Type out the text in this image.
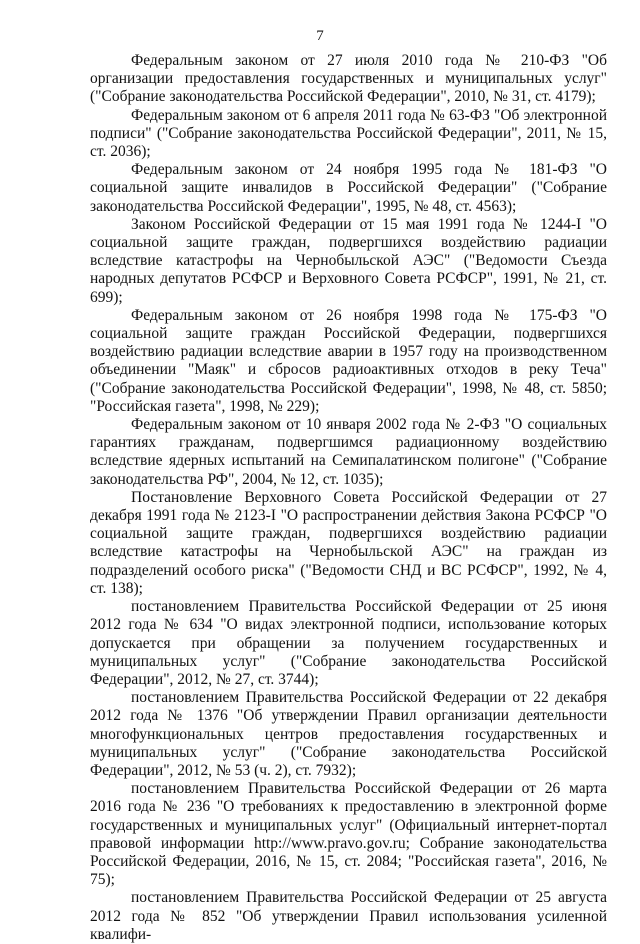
7

Федеральным законом от 27 июля 2010 года № 210-ФЗ "Об организации предоставления государственных и муниципальных услуг" ("Собрание законодательства Российской Федерации", 2010, № 31, ст. 4179);

Федеральным законом от 6 апреля 2011 года № 63-ФЗ "Об электронной подписи" ("Собрание законодательства Российской Федерации", 2011, № 15, ст. 2036);

Федеральным законом от 24 ноября 1995 года № 181-ФЗ "О социальной защите инвалидов в Российской Федерации" ("Собрание законодательства Российской Федерации", 1995, № 48, ст. 4563);

Законом Российской Федерации от 15 мая 1991 года № 1244-I "О социальной защите граждан, подвергшихся воздействию радиации вследствие катастрофы на Чернобыльской АЭС" ("Ведомости Съезда народных депутатов РСФСР и Верховного Совета РСФСР", 1991, № 21, ст. 699);

Федеральным законом от 26 ноября 1998 года № 175-ФЗ "О социальной защите граждан Российской Федерации, подвергшихся воздействию радиации вследствие аварии в 1957 году на производственном объединении "Маяк" и сбросов радиоактивных отходов в реку Теча" ("Собрание законодательства Российской Федерации", 1998, № 48, ст. 5850; "Российская газета", 1998, № 229);

Федеральным законом от 10 января 2002 года № 2-ФЗ "О социальных гарантиях гражданам, подвергшимся радиационному воздействию вследствие ядерных испытаний на Семипалатинском полигоне" ("Собрание законодательства РФ", 2004, № 12, ст. 1035);

Постановление Верховного Совета Российской Федерации от 27 декабря 1991 года № 2123-I "О распространении действия Закона РСФСР "О социальной защите граждан, подвергшихся воздействию радиации вследствие катастрофы на Чернобыльской АЭС" на граждан из подразделений особого риска" ("Ведомости СНД и ВС РСФСР", 1992, № 4, ст. 138);

постановлением Правительства Российской Федерации от 25 июня 2012 года № 634 "О видах электронной подписи, использование которых допускается при обращении за получением государственных и муниципальных услуг" ("Собрание законодательства Российской Федерации", 2012, № 27, ст. 3744);

постановлением Правительства Российской Федерации от 22 декабря 2012 года № 1376 "Об утверждении Правил организации деятельности многофункциональных центров предоставления государственных и муниципальных услуг" ("Собрание законодательства Российской Федерации", 2012, № 53 (ч. 2), ст. 7932);

постановлением Правительства Российской Федерации от 26 марта 2016 года № 236 "О требованиях к предоставлению в электронной форме государственных и муниципальных услуг" (Официальный интернет-портал правовой информации http://www.pravo.gov.ru; Собрание законодательства Российской Федерации, 2016, № 15, ст. 2084; "Российская газета", 2016, № 75);

постановлением Правительства Российской Федерации от 25 августа 2012 года № 852 "Об утверждении Правил использования усиленной квалифи-
